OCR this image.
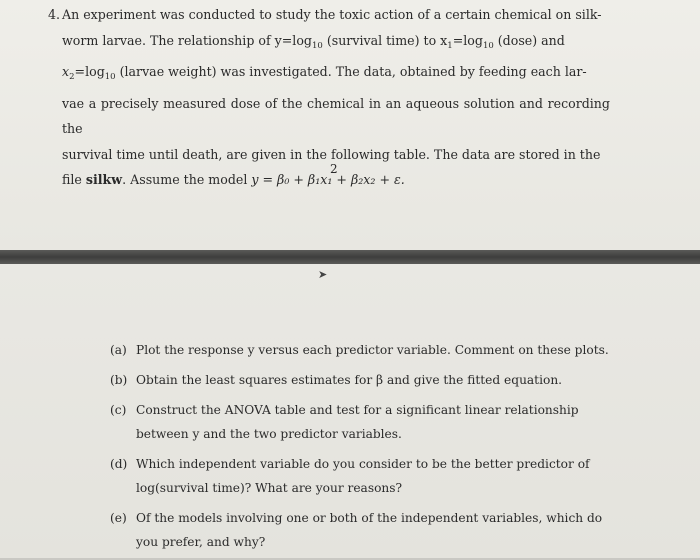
4. An experiment was conducted to study the toxic action of a certain chemical on silk-
worm larvae. The relationship of $y=\log_{10}$ (survival time) to $x_1=\log_{10}$ (dose) and
$x_2=\log_{10}$ (larvae weight) was investigated. The data, obtained by feeding each lar-
vae a precisely measured dose of the chemical in an aqueous solution and recording the
survival time until death, are given in the following table. The data are stored in the
file silkw. Assume the model y = β₀ + β₁x₁ + β₂x₂ + ε.
2
➤
(a) Plot the response y versus each predictor variable. Comment on these plots.
(b) Obtain the least squares estimates for β and give the fitted equation.
(c) Construct the ANOVA table and test for a significant linear relationship between y and the two predictor variables.
(d) Which independent variable do you consider to be the better predictor of log(survival time)? What are your reasons?
(e) Of the models involving one or both of the independent variables, which do you prefer, and why?
